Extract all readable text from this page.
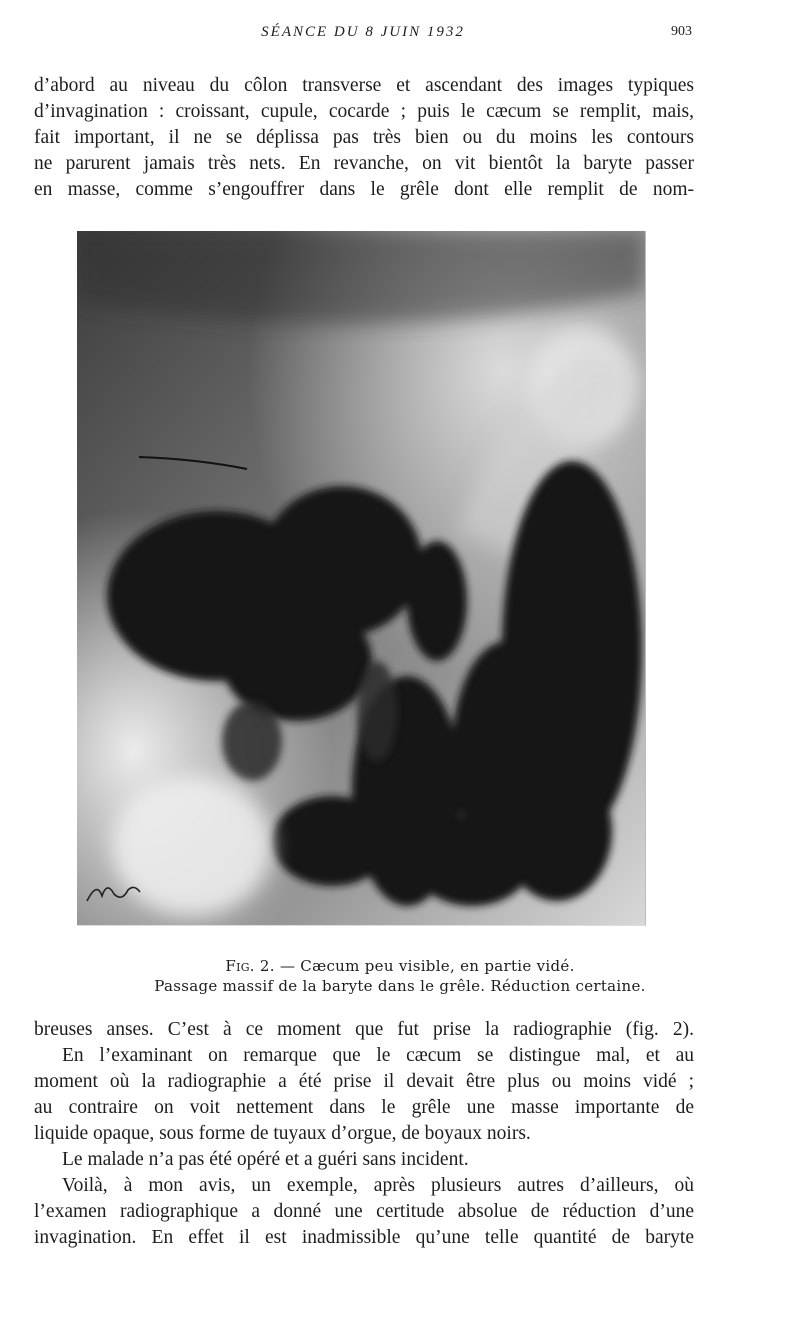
SÉANCE DU 8 JUIN 1932	903
d’abord au niveau du côlon transverse et ascendant des images typiques
d’invagination : croissant, cupule, cocarde ; puis le cæcum se remplit, mais,
fait important, il ne se déplissa pas très bien ou du moins les contours
ne parurent jamais très nets. En revanche, on vit bientôt la baryte passer
en masse, comme s’engouffrer dans le grêle dont elle remplit de nom-
Fig. 2. — Cæcum peu visible, en partie vidé.
Passage massif de la baryte dans le grêle. Réduction certaine.
breuses anses. C’est à ce moment que fut prise la radiographie (fig. 2).
En l’examinant on remarque que le cæcum se distingue mal, et au
moment où la radiographie a été prise il devait être plus ou moins vidé ;
au contraire on voit nettement dans le grêle une masse importante de
liquide opaque, sous forme de tuyaux d’orgue, de boyaux noirs.
Le malade n’a pas été opéré et a guéri sans incident.
Voilà, à mon avis, un exemple, après plusieurs autres d’ailleurs, où
l’examen radiographique a donné une certitude absolue de réduction d’une
invagination. En effet il est inadmissible qu’une telle quantité de baryte
